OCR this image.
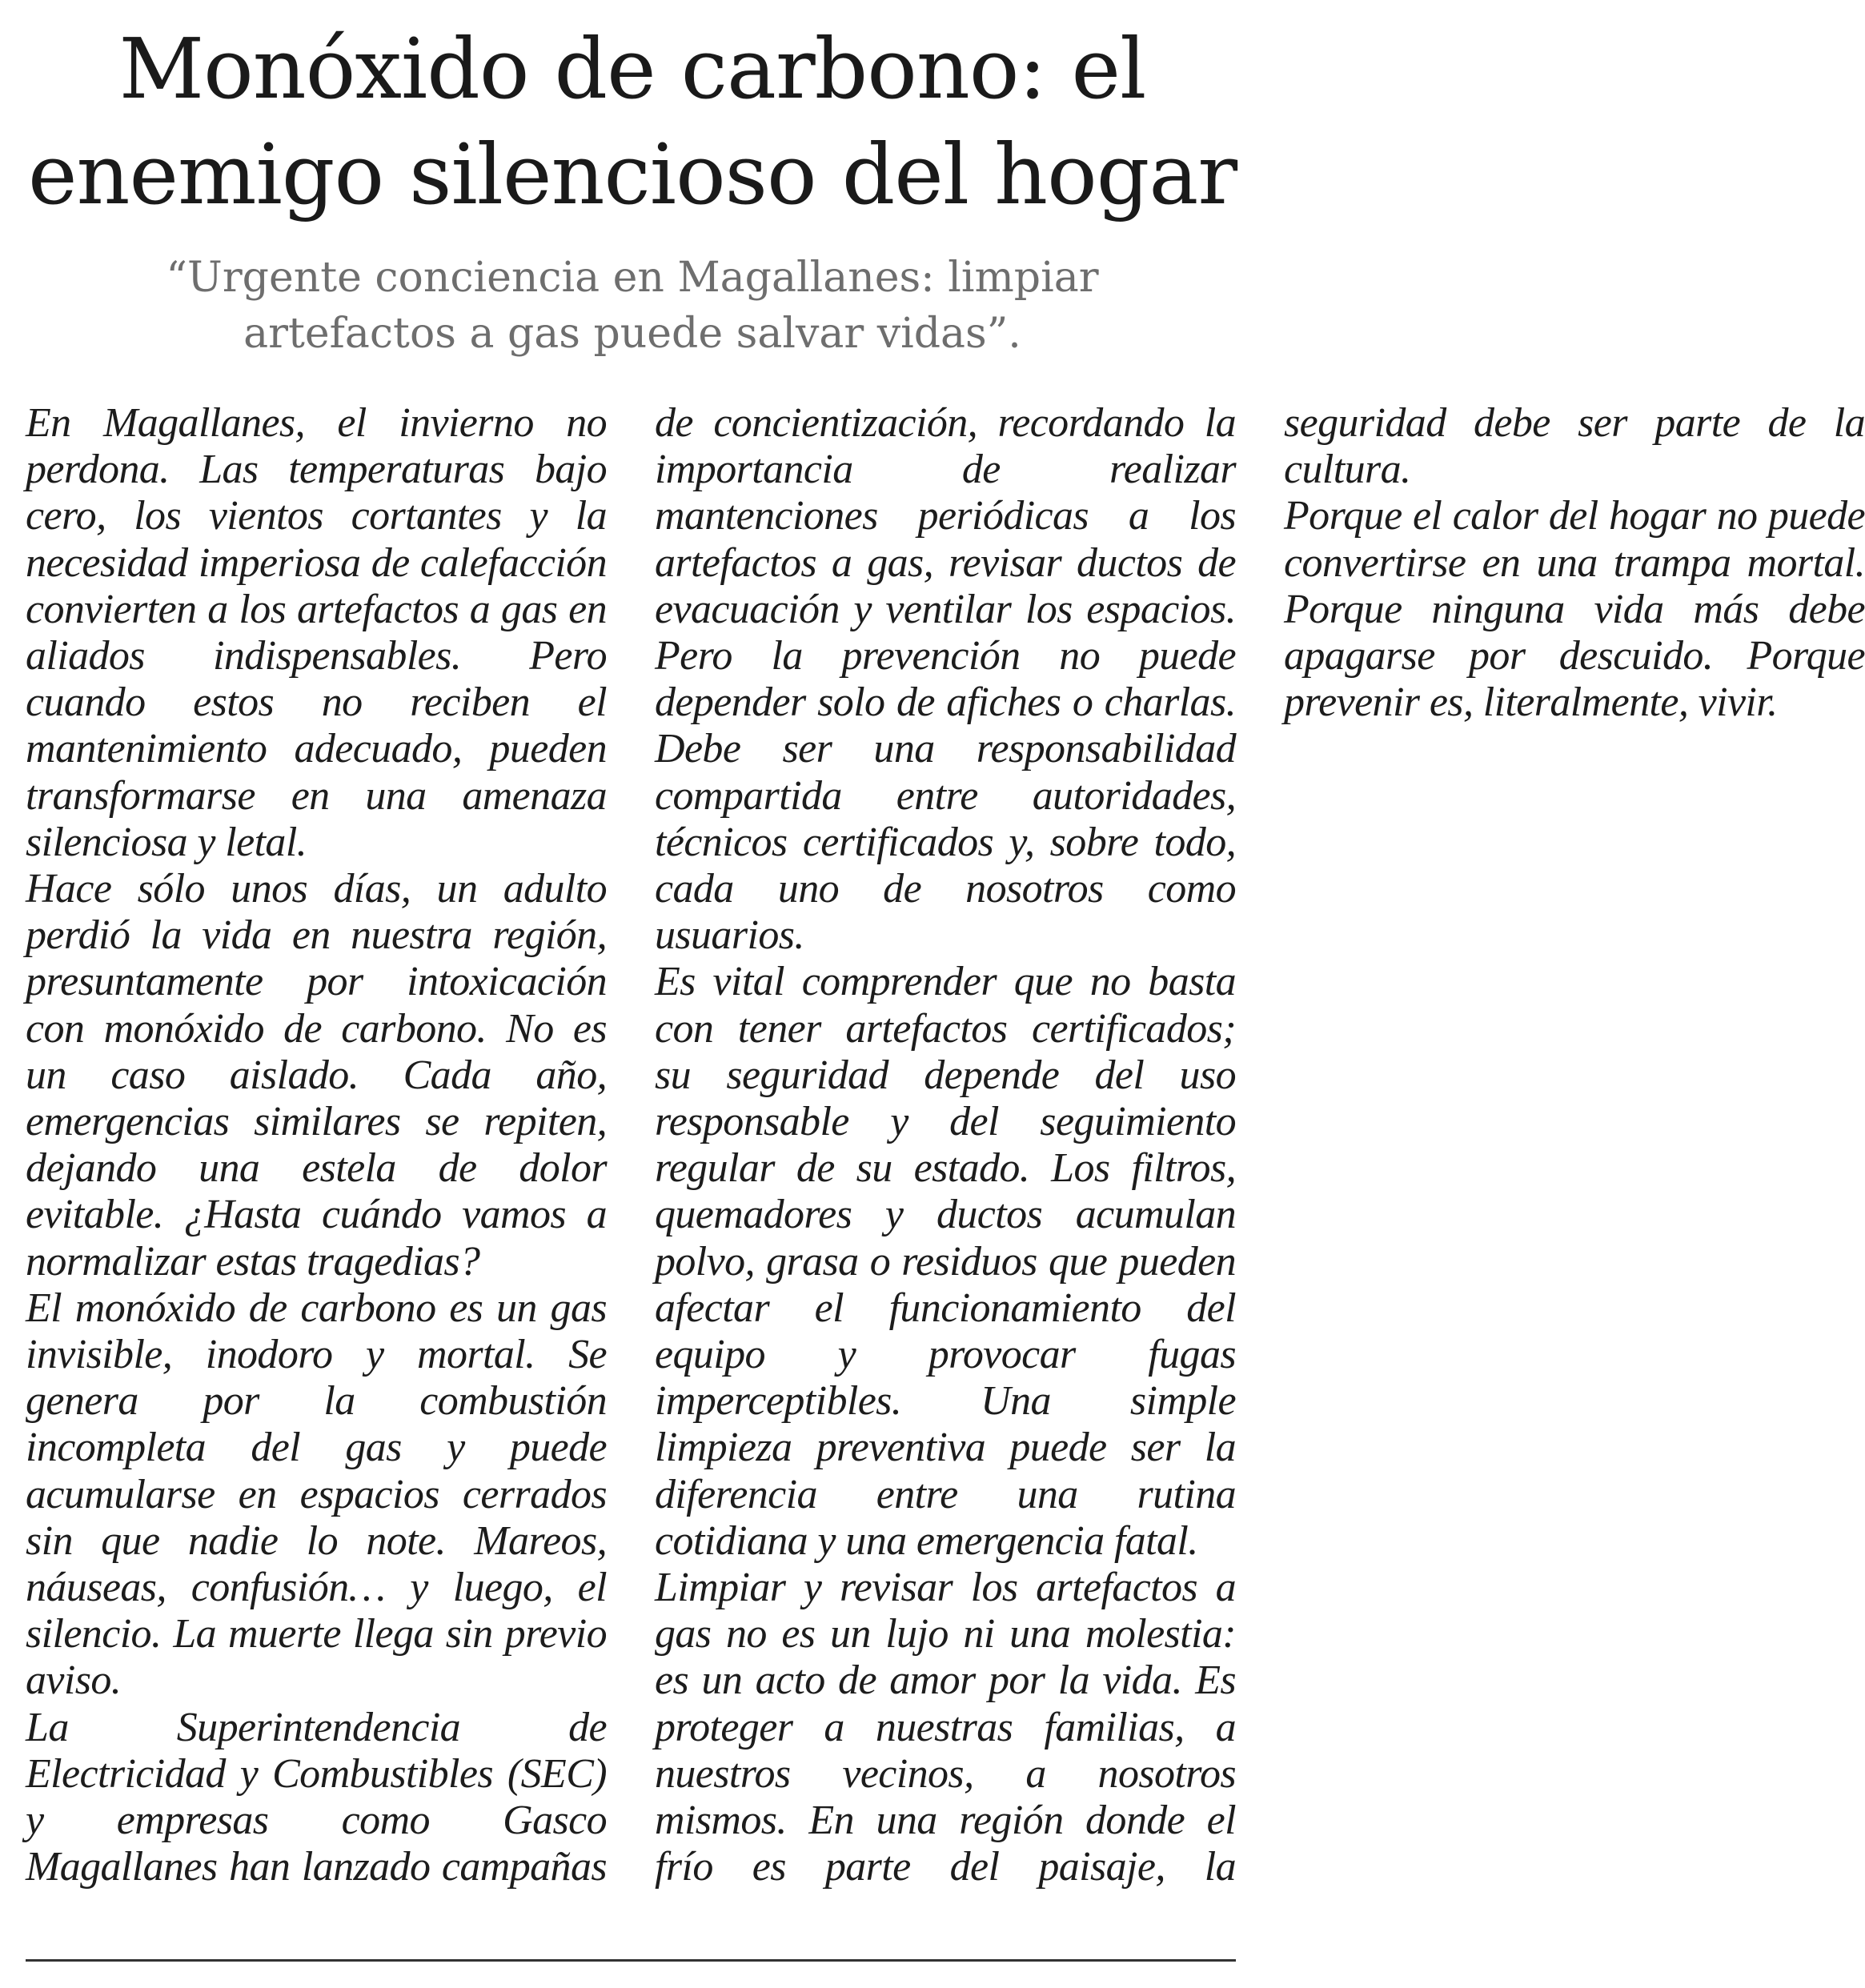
Monóxido de carbono: el enemigo silencioso del hogar

“Urgente conciencia en Magallanes: limpiar artefactos a gas puede salvar vidas”.

En Magallanes, el invierno no perdona. Las temperaturas bajo cero, los vientos cortantes y la necesidad imperiosa de calefacción convierten a los artefactos a gas en aliados indispensables. Pero cuando estos no reciben el mantenimiento adecuado, pueden transformarse en una amenaza silenciosa y letal.

Hace sólo unos días, un adulto perdió la vida en nuestra región, presuntamente por intoxicación con monóxido de carbono. No es un caso aislado. Cada año, emergencias similares se repiten, dejando una estela de dolor evitable. ¿Hasta cuándo vamos a normalizar estas tragedias?

El monóxido de carbono es un gas invisible, inodoro y mortal. Se genera por la combustión incompleta del gas y puede acumularse en espacios cerrados sin que nadie lo note. Mareos, náuseas, confusión… y luego, el silencio. La muerte llega sin previo aviso.

La Superintendencia de Electricidad y Combustibles (SEC) y empresas como Gasco Magallanes han lanzado campañas de concientización, recordando la importancia de realizar mantenciones periódicas a los artefactos a gas, revisar ductos de evacuación y ventilar los espacios. Pero la prevención no puede depender solo de afiches o charlas. Debe ser una responsabilidad compartida entre autoridades, técnicos certificados y, sobre todo, cada uno de nosotros como usuarios.

Es vital comprender que no basta con tener artefactos certificados; su seguridad depende del uso responsable y del seguimiento regular de su estado. Los filtros, quemadores y ductos acumulan polvo, grasa o residuos que pueden afectar el funcionamiento del equipo y provocar fugas imperceptibles. Una simple limpieza preventiva puede ser la diferencia entre una rutina cotidiana y una emergencia fatal.

Limpiar y revisar los artefactos a gas no es un lujo ni una molestia: es un acto de amor por la vida. Es proteger a nuestras familias, a nuestros vecinos, a nosotros mismos. En una región donde el frío es parte del paisaje, la seguridad debe ser parte de la cultura.

Porque el calor del hogar no puede convertirse en una trampa mortal. Porque ninguna vida más debe apagarse por descuido. Porque prevenir es, literalmente, vivir.
